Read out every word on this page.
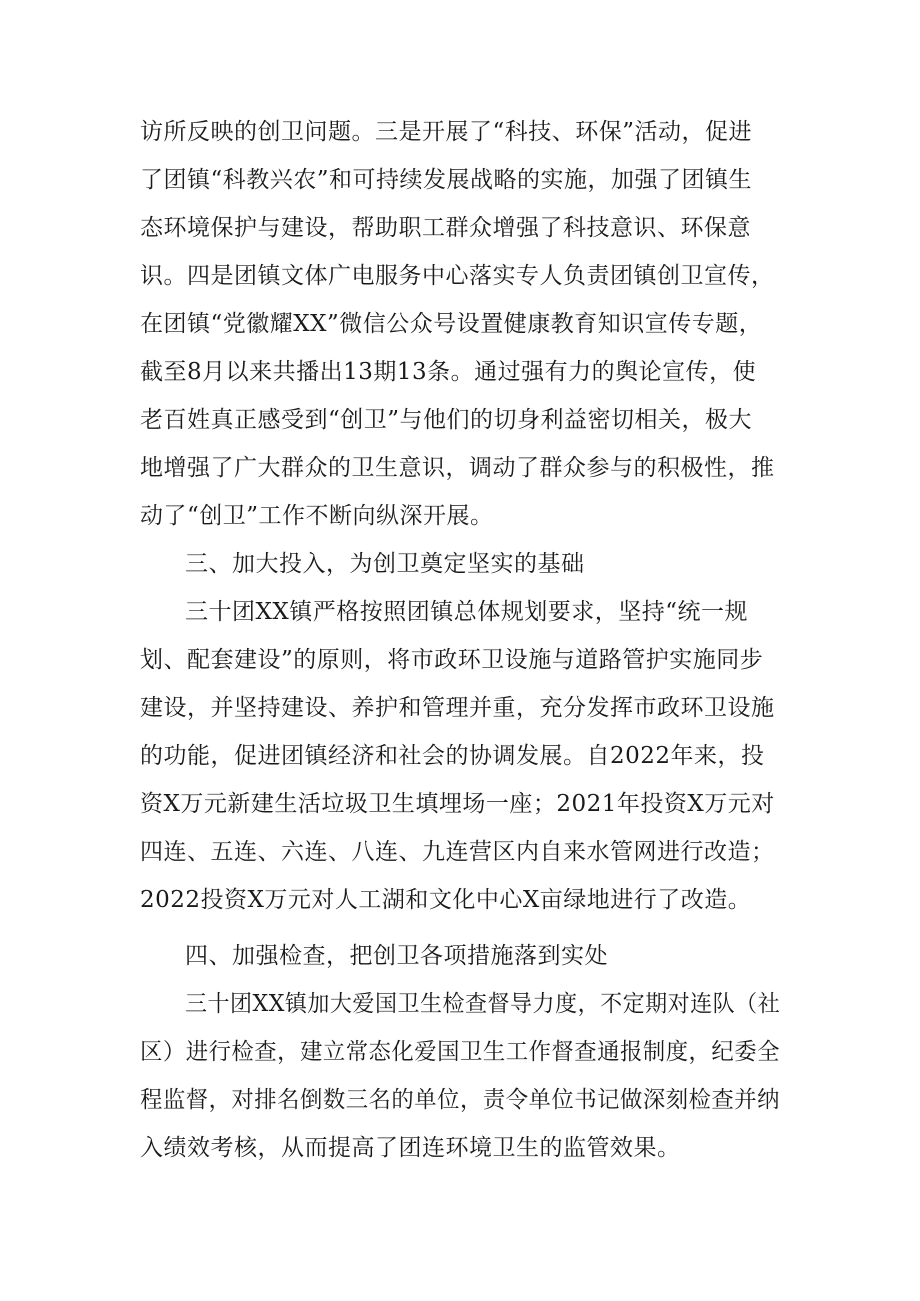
访所反映的创卫问题。三是开展了“科技、环保”活动，促进
了团镇“科教兴农”和可持续发展战略的实施，加强了团镇生
态环境保护与建设，帮助职工群众增强了科技意识、环保意
识。四是团镇文体广电服务中心落实专人负责团镇创卫宣传，
在团镇“党徽耀XX”微信公众号设置健康教育知识宣传专题，
截至8月以来共播出13期13条。通过强有力的舆论宣传，使
老百姓真正感受到“创卫”与他们的切身利益密切相关，极大
地增强了广大群众的卫生意识，调动了群众参与的积极性，推
动了“创卫”工作不断向纵深开展。
三、加大投入，为创卫奠定坚实的基础
三十团XX镇严格按照团镇总体规划要求，坚持“统一规
划、配套建设”的原则，将市政环卫设施与道路管护实施同步
建设，并坚持建设、养护和管理并重，充分发挥市政环卫设施
的功能，促进团镇经济和社会的协调发展。自2022年来，投
资X万元新建生活垃圾卫生填埋场一座；2021年投资X万元对
四连、五连、六连、八连、九连营区内自来水管网进行改造；
2022投资X万元对人工湖和文化中心X亩绿地进行了改造。
四、加强检查，把创卫各项措施落到实处
三十团XX镇加大爱国卫生检查督导力度，不定期对连队（社
区）进行检查，建立常态化爱国卫生工作督查通报制度，纪委全
程监督，对排名倒数三名的单位，责令单位书记做深刻检查并纳
入绩效考核，从而提高了团连环境卫生的监管效果。
